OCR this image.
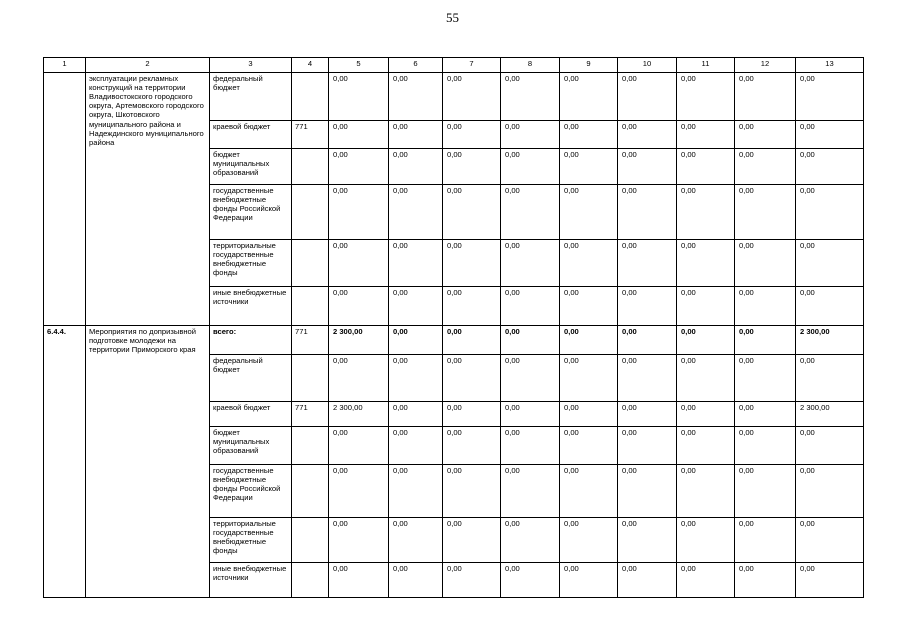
55
1	2	3	4	5	6	7	8	9	10	11	12	13
	эксплуатации рекламных конструкций на территории Владивостокского городского округа, Артемовского городского округа, Шкотовского муниципального района и Надеждинского муниципального района	федеральный бюджет		0,00	0,00	0,00	0,00	0,00	0,00	0,00	0,00	0,00
		краевой бюджет	771	0,00	0,00	0,00	0,00	0,00	0,00	0,00	0,00	0,00
		бюджет муниципальных образований		0,00	0,00	0,00	0,00	0,00	0,00	0,00	0,00	0,00
		государственные внебюджетные фонды Российской Федерации		0,00	0,00	0,00	0,00	0,00	0,00	0,00	0,00	0,00
		территориальные государственные внебюджетные фонды		0,00	0,00	0,00	0,00	0,00	0,00	0,00	0,00	0,00
		иные внебюджетные источники		0,00	0,00	0,00	0,00	0,00	0,00	0,00	0,00	0,00
6.4.4.	Мероприятия по допризывной подготовке молодежи на территории Приморского края	всего:	771	2 300,00	0,00	0,00	0,00	0,00	0,00	0,00	0,00	2 300,00
		федеральный бюджет		0,00	0,00	0,00	0,00	0,00	0,00	0,00	0,00	0,00
		краевой бюджет	771	2 300,00	0,00	0,00	0,00	0,00	0,00	0,00	0,00	2 300,00
		бюджет муниципальных образований		0,00	0,00	0,00	0,00	0,00	0,00	0,00	0,00	0,00
		государственные внебюджетные фонды Российской Федерации		0,00	0,00	0,00	0,00	0,00	0,00	0,00	0,00	0,00
		территориальные государственные внебюджетные фонды		0,00	0,00	0,00	0,00	0,00	0,00	0,00	0,00	0,00
		иные внебюджетные источники		0,00	0,00	0,00	0,00	0,00	0,00	0,00	0,00	0,00
